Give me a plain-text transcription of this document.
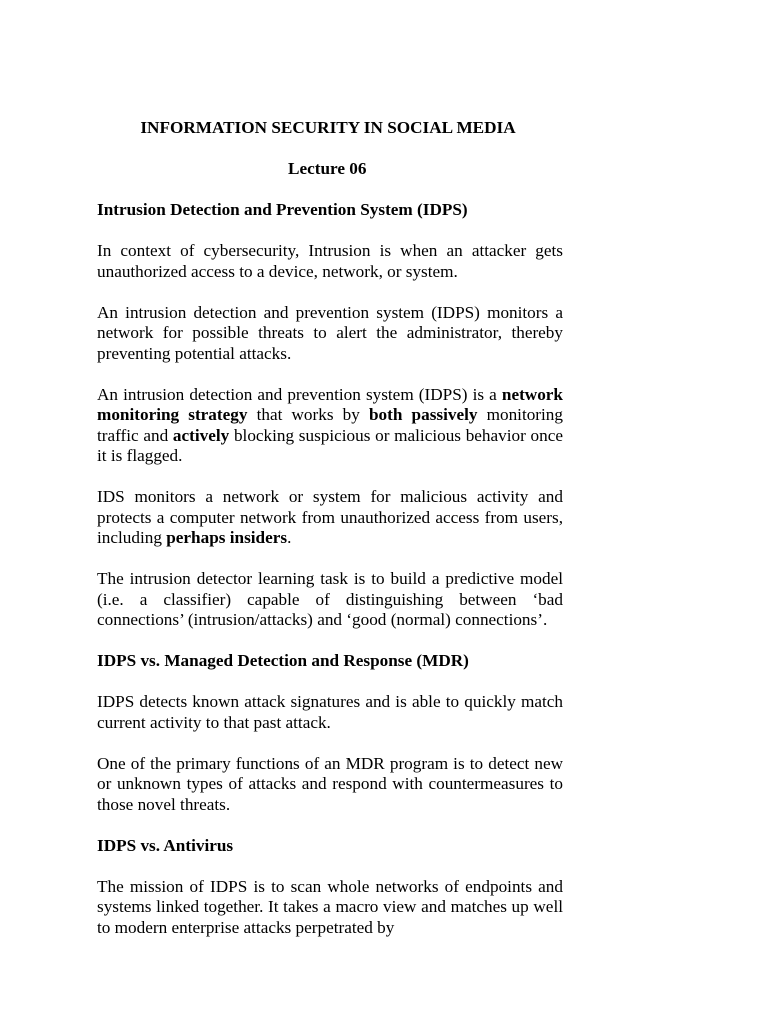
INFORMATION SECURITY IN SOCIAL MEDIA

Lecture 06

Intrusion Detection and Prevention System (IDPS)

In context of cybersecurity, Intrusion is when an attacker gets unauthorized access to a device, network, or system.

An intrusion detection and prevention system (IDPS) monitors a network for possible threats to alert the administrator, thereby preventing potential attacks.

An intrusion detection and prevention system (IDPS) is a network monitoring strategy that works by both passively monitoring traffic and actively blocking suspicious or malicious behavior once it is flagged.

IDS monitors a network or system for malicious activity and protects a computer network from unauthorized access from users, including perhaps insiders.

The intrusion detector learning task is to build a predictive model (i.e. a classifier) capable of distinguishing between ‘bad connections’ (intrusion/attacks) and ‘good (normal) connections’.

IDPS vs. Managed Detection and Response (MDR)

IDPS detects known attack signatures and is able to quickly match current activity to that past attack.

One of the primary functions of an MDR program is to detect new or unknown types of attacks and respond with countermeasures to those novel threats.

IDPS vs. Antivirus

The mission of IDPS is to scan whole networks of endpoints and systems linked together. It takes a macro view and matches up well to modern enterprise attacks perpetrated by
